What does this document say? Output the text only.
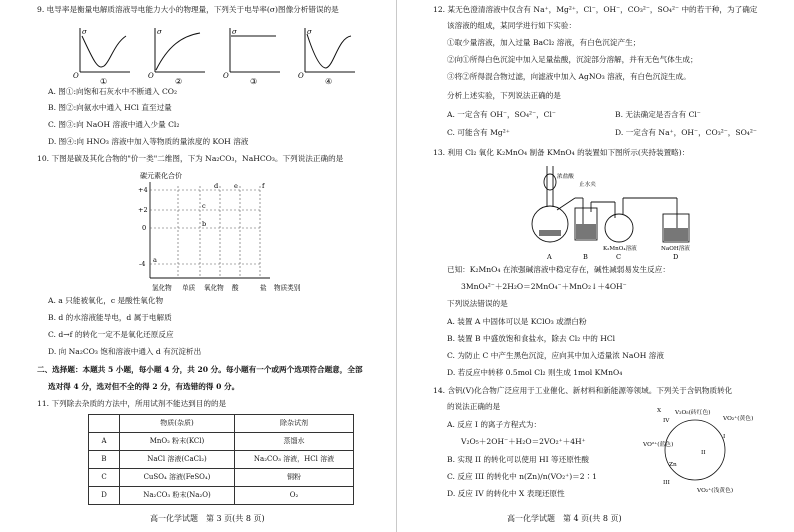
9. 电导率是衡量电解质溶液导电能力大小的物理量，下列关于电导率(σ)图像分析错误的是
σ	σ	σ	σ
O	O	O	O
①	②	③	④
A. 图①:向饱和石灰水中不断通入 CO₂
B. 图②:向氨水中通入 HCl 直至过量
C. 图③:向 NaOH 溶液中通入少量 Cl₂
D. 图④:向 HNO₃ 溶液中加入等物质的量浓度的 KOH 溶液
10. 下图是碳及其化合物的"价一类"二维图，下为 Na₂CO₃，NaHCO₃。下列说法正确的是
碳元素化合价
+4
+2
0
-4
氢化物 单质 氧化物 酸	盐 物质类别
a
b
c
d e	f
A. a 只能被氧化，c 是酸性氧化物
B. d 的水溶液能导电，d 属于电解质
C. d→f 的转化一定不是氧化还原反应
D. 向 Na₂CO₃ 饱和溶液中通入 d 有沉淀析出
二、选择题：本题共 5 小题，每小题 4 分，共 20 分。每小题有一个或两个选项符合题意，全部
选对得 4 分，选对但不全的得 2 分，有选错的得 0 分。
11. 下列除去杂质的方法中，所用试剂不能达到目的的是
	物质(杂质)	除杂试剂
A	MnO₂ 粉末(KCl)	蒸馏水
B	NaCl 溶液(CaCl₂)	Na₂CO₃ 溶液，HCl 溶液
C	CuSO₄ 溶液(FeSO₄)	铜粉
D	Na₂CO₃ 粉末(Na₂O)	O₂
高一化学试题　第 3 页(共 8 页)
12. 某无色澄清溶液中仅含有 Na⁺，Mg²⁺，Cl⁻，OH⁻，CO₃²⁻，SO₄²⁻ 中的若干种，为了确定
该溶液的组成，某同学进行如下实验：
①取少量溶液，加入过量 BaCl₂ 溶液，有白色沉淀产生；
②向①所得白色沉淀中加入足量盐酸，沉淀部分溶解，并有无色气体生成；
③将②所得混合物过滤，向滤液中加入 AgNO₃ 溶液，有白色沉淀生成。
分析上述实验，下列说法正确的是
A. 一定含有 OH⁻，SO₄²⁻，Cl⁻	B. 无法确定是否含有 Cl⁻
C. 可能含有 Mg²⁺	D. 一定含有 Na⁺，OH⁻，CO₃²⁻，SO₄²⁻
13. 利用 Cl₂ 氧化 K₂MnO₄ 制备 KMnO₄ 的装置如下图所示(夹持装置略)：
浓盐酸
止水夹
K₂MnO₄溶液	NaOH溶液
A	B	C	D
已知：K₂MnO₄ 在浓强碱溶液中稳定存在，碱性减弱易发生反应：
3MnO₄²⁻＋2H₂O＝2MnO₄⁻＋MnO₂↓＋4OH⁻
下列说法错误的是
A. 装置 A 中固体可以是 KClO₃ 或漂白粉
B. 装置 B 中盛放饱和食盐水，除去 Cl₂ 中的 HCl
C. 为防止 C 中产生黑色沉淀，应向其中加入适量浓 NaOH 溶液
D. 若反应中转移 0.5mol Cl₂ 则生成 1mol KMnO₄
14. 含钒(V)化合物广泛应用于工业催化、新材料和新能源等领域。下列关于含钒物质转化
的说法正确的是
A. 反应 I 的离子方程式为：
V₂O₅＋2OH⁻＋H₂O＝2VO₂⁺＋4H⁺
B. 实现 II 的转化可以使用 HI 等还原性酸
C. 反应 III 的转化中 n(Zn)/n(VO₂⁺)＝2∶1
D. 反应 IV 的转化中 X 表现还原性
V₂O₅(砖红色)
VO₂⁺(黄色)
VO²⁺(蓝色)
VO₂⁺(浅黄色)
IV
I
II
III
Zn
X
高一化学试题　第 4 页(共 8 页)
